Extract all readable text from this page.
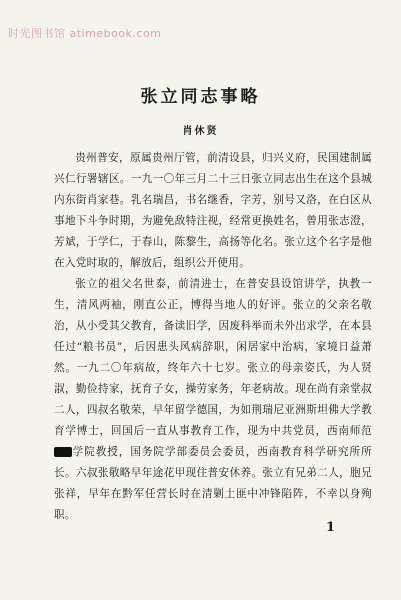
时光图书馆 atimebook.com
张立同志事略
肖休贤

贵州普安，原属贵州厅管，前清设县，归兴义府，民国建制属兴仁行署辖区。一九一〇年三月二十三日张立同志出生在这个县城内东街肖家巷。乳名瑞昌，书名继香，字芳，别号又洛，在白区从事地下斗争时期，为避免敌特注视，经常更换姓名，曾用张志澄，芳斌，于学仁，于春山，陈黎生，高扬等化名。张立这个名字是他在入党时取的，解放后，组织公开使用。

张立的祖父名世泰，前清进士，在普安县设馆讲学，执教一生，清风两袖，刚直公正，博得当地人的好评。张立的父亲名敬治，从小受其父教育，备读旧学，因废科举而未外出求学，在本县任过“粮书员”，后因患头风病辞职，闲居家中治病，家境日益萧然。一九二〇年病故，终年六十七岁。张立的母亲姿氏，为人贤淑，勤俭持家，抚育子女，操劳家务，年老病故。现在尚有亲堂叔二人，四叔名敬荣，早年留学德国，为如荆瑞尼亚洲斯坦佛大学教育学博士，回国后一直从事教育工作，现为中共党员，西南师范学院教授，国务院学部委员会委员，西南教育科学研究所所长。六叔张敬略早年途花甲现住普安休养。张立有兄弟二人，胞兄张祥，早年在黔军任营长时在清剿土匪中冲锋陷阵，不幸以身殉职。

1
